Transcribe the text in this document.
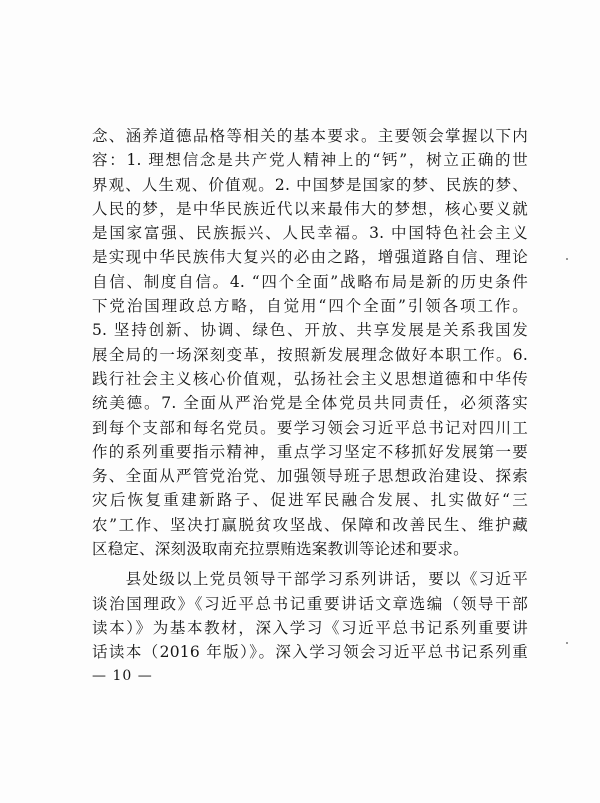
念、涵养道德品格等相关的基本要求。主要领会掌握以下内
容：1. 理想信念是共产党人精神上的“钙”，树立正确的世
界观、人生观、价值观。2. 中国梦是国家的梦、民族的梦、
人民的梦，是中华民族近代以来最伟大的梦想，核心要义就
是国家富强、民族振兴、人民幸福。3. 中国特色社会主义
是实现中华民族伟大复兴的必由之路，增强道路自信、理论
自信、制度自信。4. “四个全面”战略布局是新的历史条件
下党治国理政总方略，自觉用“四个全面”引领各项工作。
5. 坚持创新、协调、绿色、开放、共享发展是关系我国发
展全局的一场深刻变革，按照新发展理念做好本职工作。6.
践行社会主义核心价值观，弘扬社会主义思想道德和中华传
统美德。7. 全面从严治党是全体党员共同责任，必须落实
到每个支部和每名党员。要学习领会习近平总书记对四川工
作的系列重要指示精神，重点学习坚定不移抓好发展第一要
务、全面从严管党治党、加强领导班子思想政治建设、探索
灾后恢复重建新路子、促进军民融合发展、扎实做好“三
农”工作、坚决打赢脱贫攻坚战、保障和改善民生、维护藏
区稳定、深刻汲取南充拉票贿选案教训等论述和要求。
　　县处级以上党员领导干部学习系列讲话，要以《习近平
谈治国理政》《习近平总书记重要讲话文章选编（领导干部
读本）》为基本教材，深入学习《习近平总书记系列重要讲
话读本（2016 年版）》。深入学习领会习近平总书记系列重
— 10 —
